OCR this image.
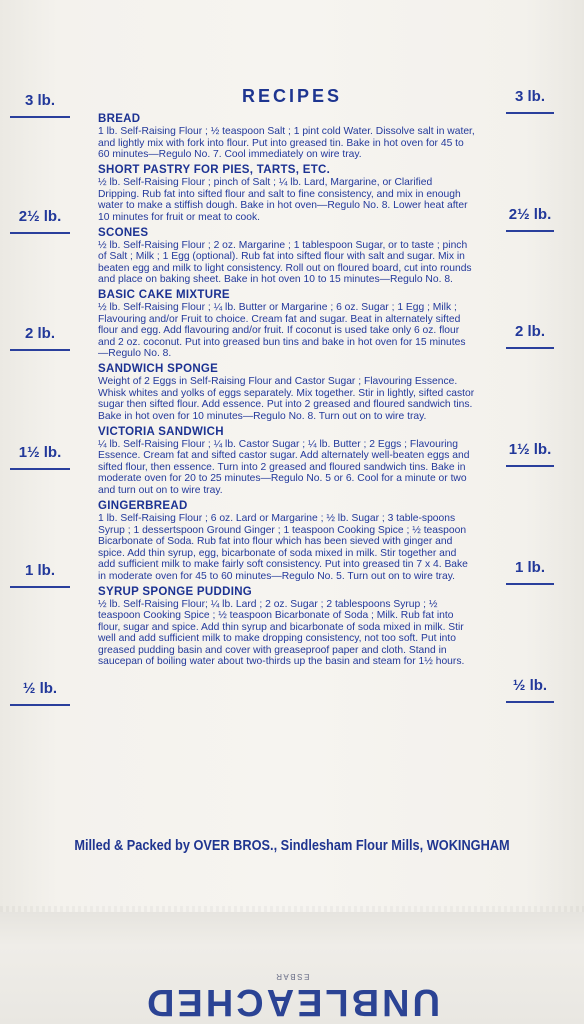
3 lb.
2½ lb.
2 lb.
1½ lb.
1 lb.
½ lb.
3 lb.
2½ lb.
2 lb.
1½ lb.
1 lb.
½ lb.
RECIPES
BREAD

1 lb. Self-Raising Flour ; ½ teaspoon Salt ; 1 pint cold Water. Dissolve salt in water, and lightly mix with fork into flour. Put into greased tin. Bake in hot oven for 45 to 60 minutes—Regulo No. 7. Cool immediately on wire tray.

SHORT PASTRY FOR PIES, TARTS, ETC.

½ lb. Self-Raising Flour ; pinch of Salt ; ¼ lb. Lard, Margarine, or Clarified Dripping. Rub fat into sifted flour and salt to fine consistency, and mix in enough water to make a stiffish dough. Bake in hot oven—Regulo No. 8. Lower heat after 10 minutes for fruit or meat to cook.

SCONES

½ lb. Self-Raising Flour ; 2 oz. Margarine ; 1 tablespoon Sugar, or to taste ; pinch of Salt ; Milk ; 1 Egg (optional). Rub fat into sifted flour with salt and sugar. Mix in beaten egg and milk to light consistency. Roll out on floured board, cut into rounds and place on baking sheet. Bake in hot oven 10 to 15 minutes—Regulo No. 8.

BASIC CAKE MIXTURE

½ lb. Self-Raising Flour ; ¼ lb. Butter or Margarine ; 6 oz. Sugar ; 1 Egg ; Milk ; Flavouring and/or Fruit to choice. Cream fat and sugar. Beat in alternately sifted flour and egg. Add flavouring and/or fruit. If coconut is used take only 6 oz. flour and 2 oz. coconut. Put into greased bun tins and bake in hot oven for 15 minutes —Regulo No. 8.

SANDWICH SPONGE

Weight of 2 Eggs in Self-Raising Flour and Castor Sugar ; Flavouring Essence. Whisk whites and yolks of eggs separately. Mix together. Stir in lightly, sifted castor sugar then sifted flour. Add essence. Put into 2 greased and floured sandwich tins. Bake in hot oven for 10 minutes—Regulo No. 8. Turn out on to wire tray.

VICTORIA SANDWICH

¼ lb. Self-Raising Flour ; ¼ lb. Castor Sugar ; ¼ lb. Butter ; 2 Eggs ; Flavouring Essence. Cream fat and sifted castor sugar. Add alternately well-beaten eggs and sifted flour, then essence. Turn into 2 greased and floured sandwich tins. Bake in moderate oven for 20 to 25 minutes—Regulo No. 5 or 6. Cool for a minute or two and turn out on to wire tray.

GINGERBREAD

1 lb. Self-Raising Flour ; 6 oz. Lard or Margarine ; ½ lb. Sugar ; 3 table-spoons Syrup ; 1 dessertspoon Ground Ginger ; 1 teaspoon Cooking Spice ; ½ teaspoon Bicarbonate of Soda. Rub fat into flour which has been sieved with ginger and spice. Add thin syrup, egg, bicarbonate of soda mixed in milk. Stir together and add sufficient milk to make fairly soft consistency. Put into greased tin 7 x 4. Bake in moderate oven for 45 to 60 minutes—Regulo No. 5. Turn out on to wire tray.

SYRUP SPONGE PUDDING

½ lb. Self-Raising Flour; ¼ lb. Lard ; 2 oz. Sugar ; 2 tablespoons Syrup ; ½ teaspoon Cooking Spice ; ½ teaspoon Bicarbonate of Soda ; Milk. Rub fat into flour, sugar and spice. Add thin syrup and bicarbonate of soda mixed in milk. Stir well and add sufficient milk to make dropping consistency, not too soft. Put into greased pudding basin and cover with greaseproof paper and cloth. Stand in saucepan of boiling water about two-thirds up the basin and steam for 1½ hours.

Milled & Packed by OVER BROS., Sindlesham Flour Mills, WOKINGHAM
ESBAR
UNBLEACHED
